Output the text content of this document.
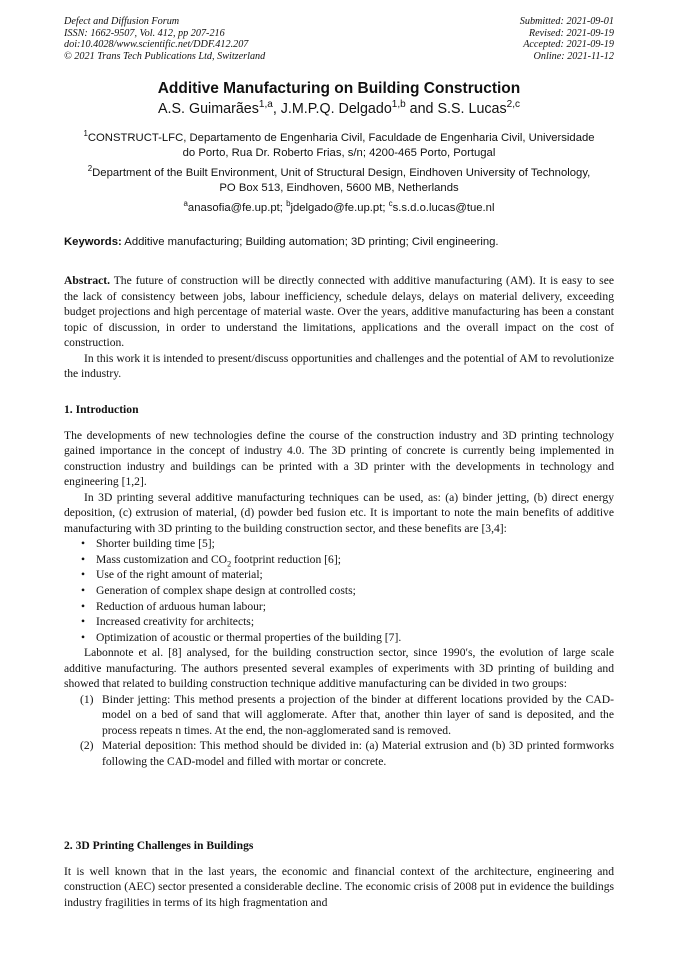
Defect and Diffusion Forum
ISSN: 1662-9507, Vol. 412, pp 207-216
doi:10.4028/www.scientific.net/DDF.412.207
© 2021 Trans Tech Publications Ltd, Switzerland
Submitted: 2021-09-01
Revised: 2021-09-19
Accepted: 2021-09-19
Online: 2021-11-12
Additive Manufacturing on Building Construction
A.S. Guimarães$^{1,a}$, J.M.P.Q. Delgado$^{1,b}$ and S.S. Lucas$^{2,c}$
$^1$CONSTRUCT-LFC, Departamento de Engenharia Civil, Faculdade de Engenharia Civil, Universidade do Porto, Rua Dr. Roberto Frias, s/n; 4200-465 Porto, Portugal
$^2$Department of the Built Environment, Unit of Structural Design, Eindhoven University of Technology, PO Box 513, Eindhoven, 5600 MB, Netherlands
$^a$anasofia@fe.up.pt; $^b$jdelgado@fe.up.pt; $^c$s.s.d.o.lucas@tue.nl
Keywords: Additive manufacturing; Building automation; 3D printing; Civil engineering.

Abstract. The future of construction will be directly connected with additive manufacturing (AM). It is easy to see the lack of consistency between jobs, labour inefficiency, schedule delays, delays on material delivery, exceeding budget projections and high percentage of material waste. Over the years, additive manufacturing has been a constant topic of discussion, in order to understand the limitations, applications and the overall impact on the cost of construction.

In this work it is intended to present/discuss opportunities and challenges and the potential of AM to revolutionize the industry.

1. Introduction

The developments of new technologies define the course of the construction industry and 3D printing technology gained importance in the concept of industry 4.0. The 3D printing of concrete is currently being implemented in construction industry and buildings can be printed with a 3D printer with the developments in technology and engineering [1,2].

In 3D printing several additive manufacturing techniques can be used, as: (a) binder jetting, (b) direct energy deposition, (c) extrusion of material, (d) powder bed fusion etc. It is important to note the main benefits of additive manufacturing with 3D printing to the building construction sector, and these benefits are [3,4]:

• Shorter building time [5];
• Mass customization and $CO_2$ footprint reduction [6];
• Use of the right amount of material;
• Generation of complex shape design at controlled costs;
• Reduction of arduous human labour;
• Increased creativity for architects;
• Optimization of acoustic or thermal properties of the building [7].

Labonnote et al. [8] analysed, for the building construction sector, since 1990′s, the evolution of large scale additive manufacturing. The authors presented several examples of experiments with 3D printing of building and showed that related to building construction technique additive manufacturing can be divided in two groups:

(1) Binder jetting: This method presents a projection of the binder at different locations provided by the CAD-model on a bed of sand that will agglomerate. After that, another thin layer of sand is deposited, and the process repeats n times. At the end, the non-agglomerated sand is removed.
(2) Material deposition: This method should be divided in: (a) Material extrusion and (b) 3D printed formworks following the CAD-model and filled with mortar or concrete.

2. 3D Printing Challenges in Buildings

It is well known that in the last years, the economic and financial context of the architecture, engineering and construction (AEC) sector presented a considerable decline. The economic crisis of 2008 put in evidence the buildings industry fragilities in terms of its high fragmentation and
